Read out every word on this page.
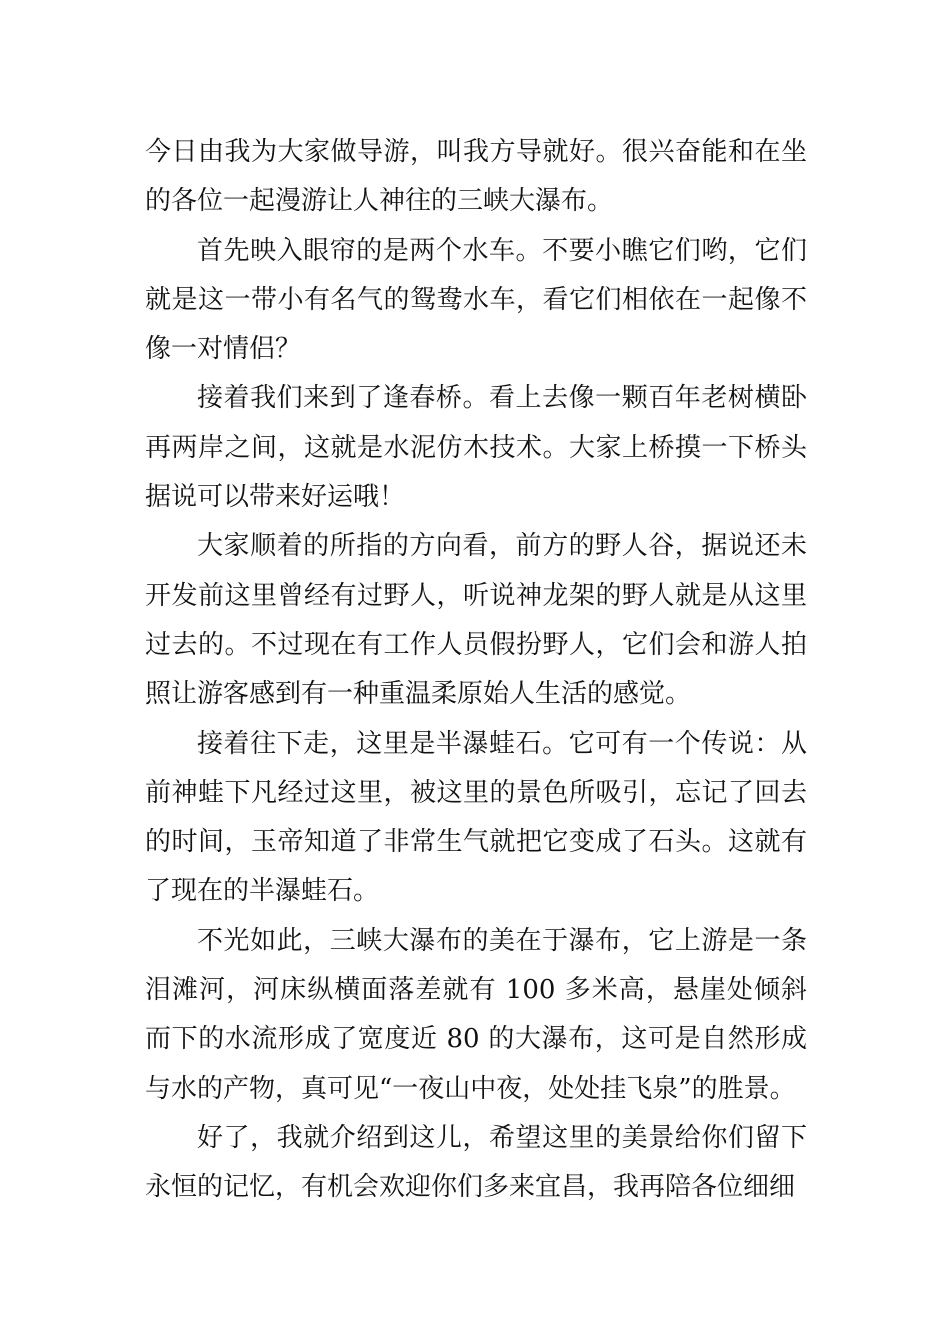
今日由我为大家做导游，叫我方导就好。很兴奋能和在坐的各位一起漫游让人神往的三峡大瀑布。

首先映入眼帘的是两个水车。不要小瞧它们哟，它们就是这一带小有名气的鸳鸯水车，看它们相依在一起像不像一对情侣？

接着我们来到了逢春桥。看上去像一颗百年老树横卧再两岸之间，这就是水泥仿木技术。大家上桥摸一下桥头据说可以带来好运哦！

大家顺着的所指的方向看，前方的野人谷，据说还未开发前这里曾经有过野人，听说神龙架的野人就是从这里过去的。不过现在有工作人员假扮野人，它们会和游人拍照让游客感到有一种重温柔原始人生活的感觉。

接着往下走，这里是半瀑蛙石。它可有一个传说：从前神蛙下凡经过这里，被这里的景色所吸引，忘记了回去的时间，玉帝知道了非常生气就把它变成了石头。这就有了现在的半瀑蛙石。

不光如此，三峡大瀑布的美在于瀑布，它上游是一条泪滩河，河床纵横面落差就有 100 多米高，悬崖处倾斜而下的水流形成了宽度近 80 的大瀑布，这可是自然形成与水的产物，真可见“一夜山中夜，处处挂飞泉”的胜景。

好了，我就介绍到这儿，希望这里的美景给你们留下永恒的记忆，有机会欢迎你们多来宜昌，我再陪各位细细
